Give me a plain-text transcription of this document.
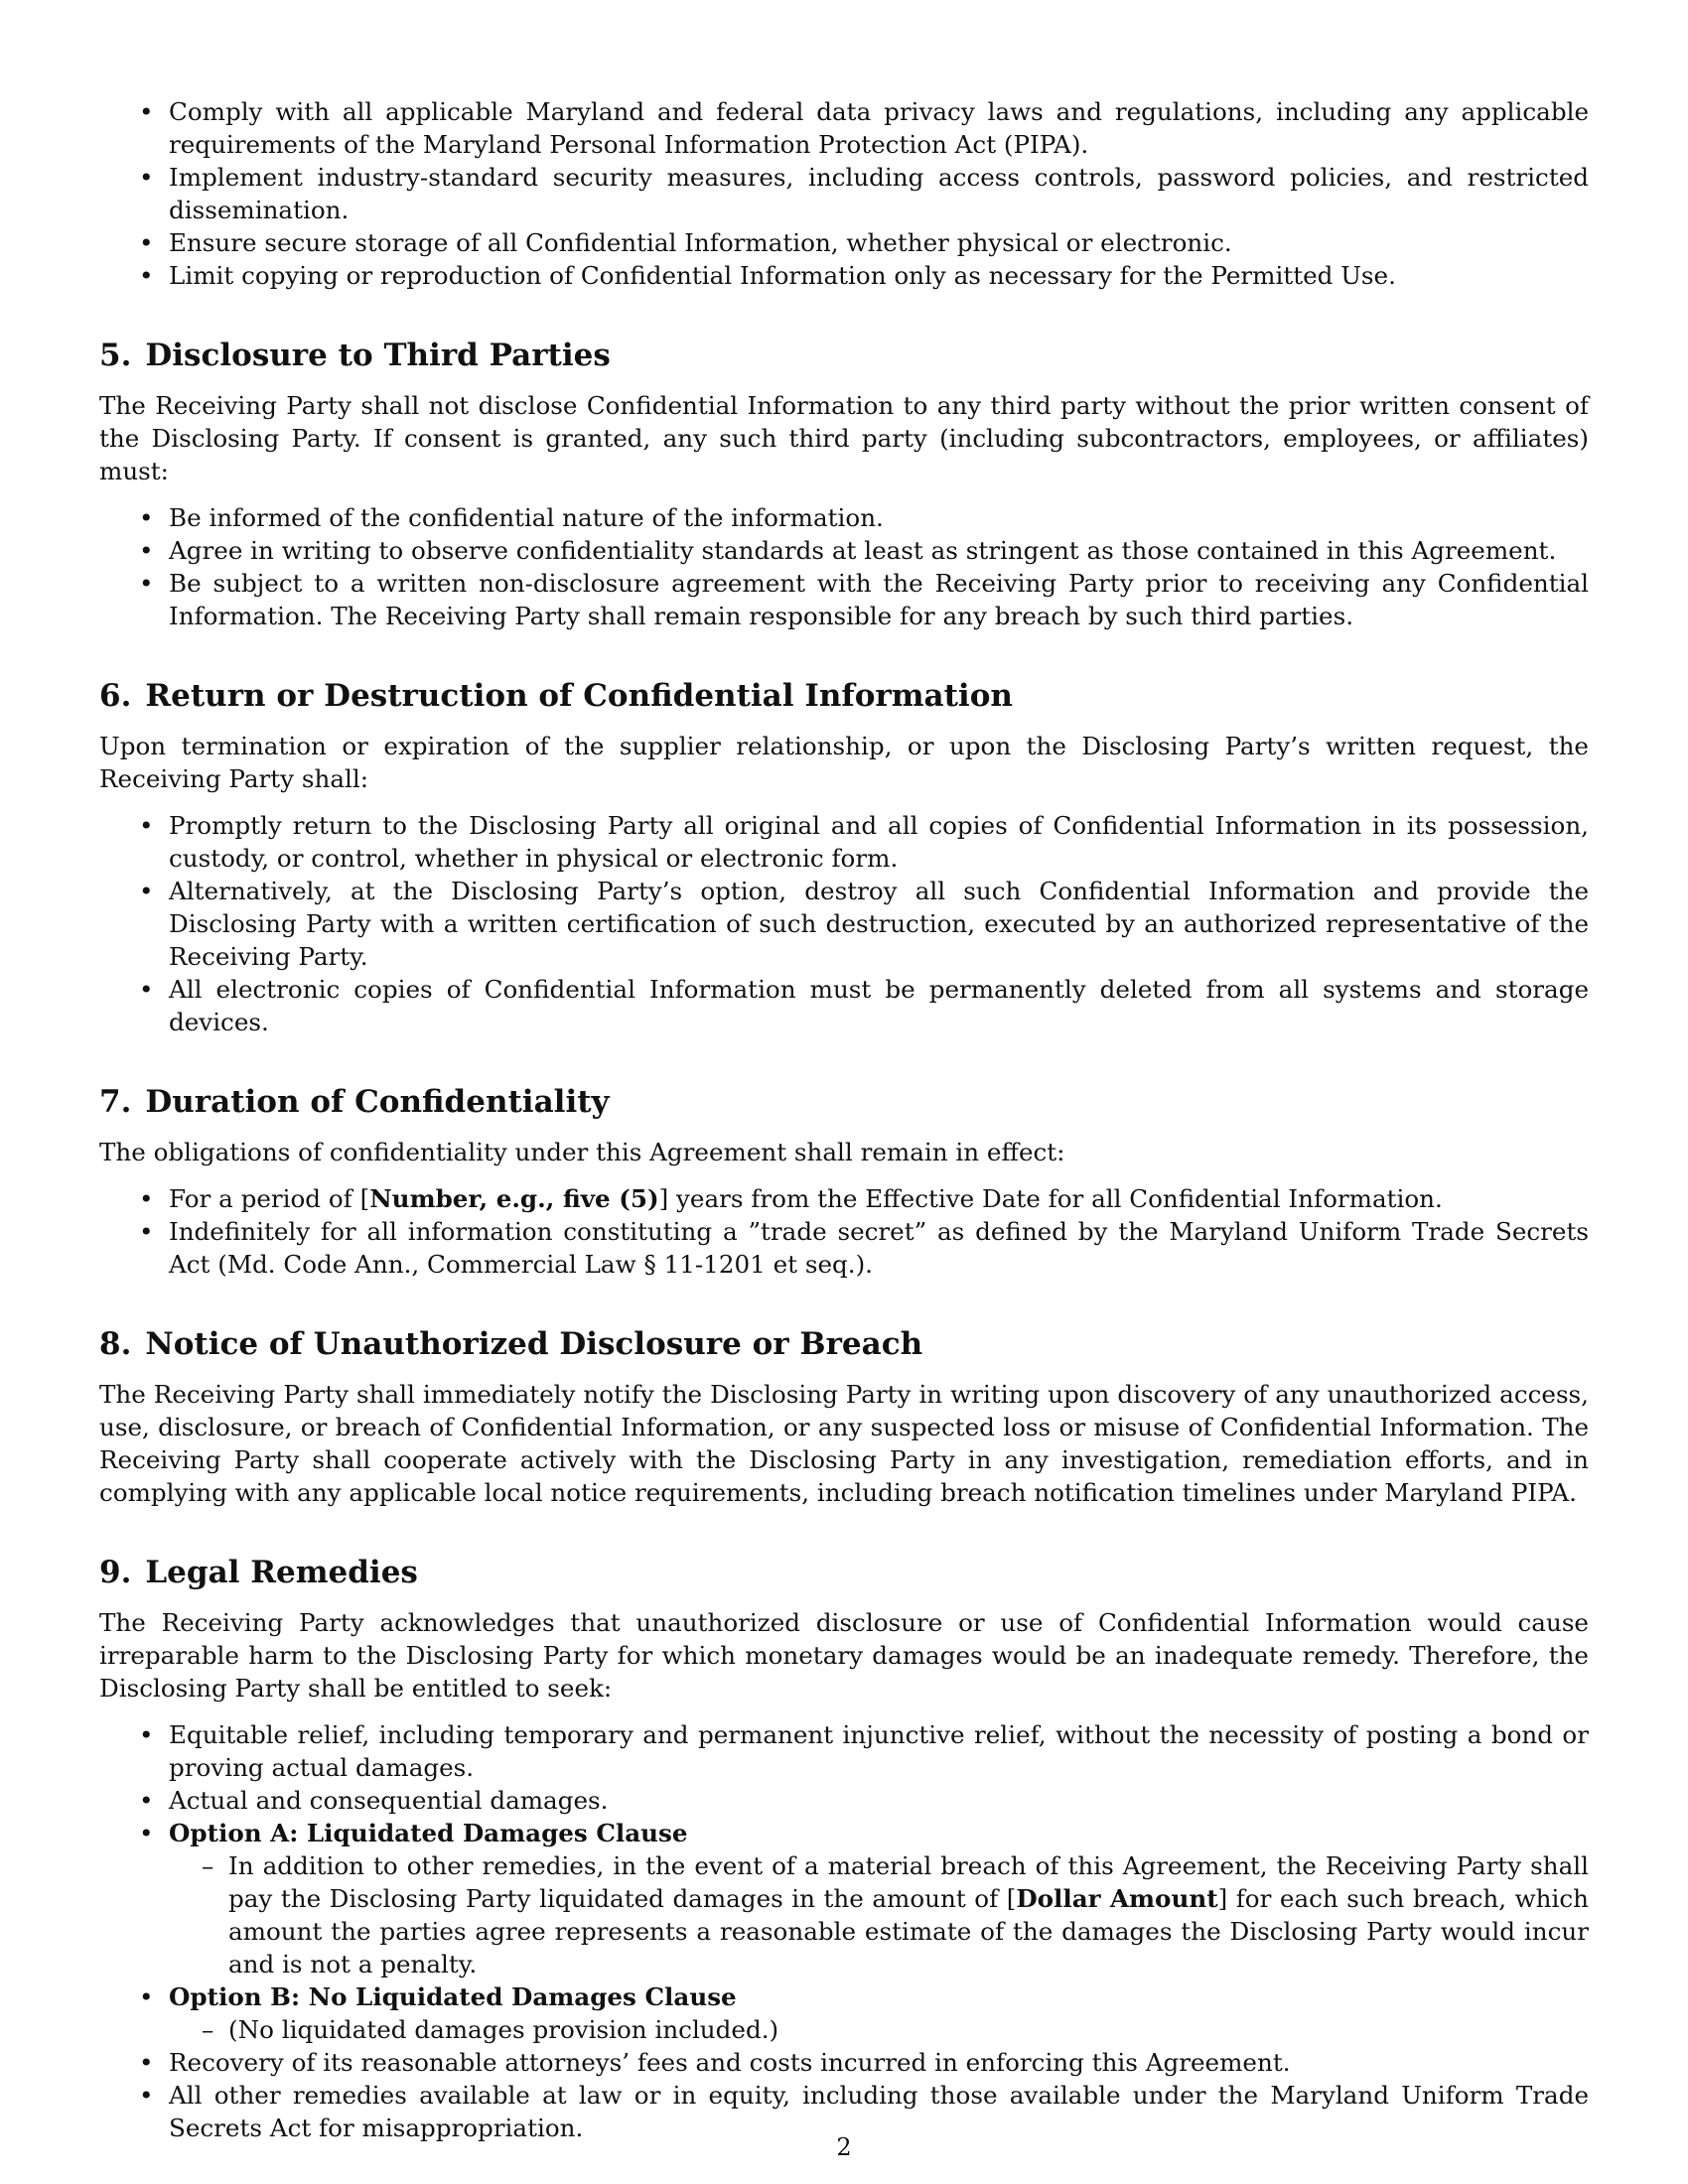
• Comply with all applicable Maryland and federal data privacy laws and regulations, including any applicable requirements of the Maryland Personal Information Protection Act (PIPA).
• Implement industry-standard security measures, including access controls, password policies, and restricted dissemination.
• Ensure secure storage of all Confidential Information, whether physical or electronic.
• Limit copying or reproduction of Confidential Information only as necessary for the Permitted Use.
5. Disclosure to Third Parties

The Receiving Party shall not disclose Confidential Information to any third party without the prior written consent of the Disclosing Party. If consent is granted, any such third party (including subcontractors, employees, or affiliates) must:

• Be informed of the confidential nature of the information.
• Agree in writing to observe confidentiality standards at least as stringent as those contained in this Agreement.
• Be subject to a written non-disclosure agreement with the Receiving Party prior to receiving any Confidential Information. The Receiving Party shall remain responsible for any breach by such third parties.
6. Return or Destruction of Confidential Information

Upon termination or expiration of the supplier relationship, or upon the Disclosing Party’s written request, the Receiving Party shall:

• Promptly return to the Disclosing Party all original and all copies of Confidential Information in its possession, custody, or control, whether in physical or electronic form.
• Alternatively, at the Disclosing Party’s option, destroy all such Confidential Information and provide the Disclosing Party with a written certification of such destruction, executed by an authorized representative of the Receiving Party.
• All electronic copies of Confidential Information must be permanently deleted from all systems and storage devices.
7. Duration of Confidentiality

The obligations of confidentiality under this Agreement shall remain in effect:

• For a period of [Number, e.g., five (5)] years from the Effective Date for all Confidential Information.
• Indefinitely for all information constituting a ”trade secret” as defined by the Maryland Uniform Trade Secrets Act (Md. Code Ann., Commercial Law § 11-1201 et seq.).
8. Notice of Unauthorized Disclosure or Breach

The Receiving Party shall immediately notify the Disclosing Party in writing upon discovery of any unauthorized access, use, disclosure, or breach of Confidential Information, or any suspected loss or misuse of Confidential Information. The Receiving Party shall cooperate actively with the Disclosing Party in any investigation, remediation efforts, and in complying with any applicable local notice requirements, including breach notification timelines under Maryland PIPA.

9. Legal Remedies

The Receiving Party acknowledges that unauthorized disclosure or use of Confidential Information would cause irreparable harm to the Disclosing Party for which monetary damages would be an inadequate remedy. Therefore, the Disclosing Party shall be entitled to seek:

• Equitable relief, including temporary and permanent injunctive relief, without the necessity of posting a bond or proving actual damages.
• Actual and consequential damages.
• Option A: Liquidated Damages Clause
– In addition to other remedies, in the event of a material breach of this Agreement, the Receiving Party shall pay the Disclosing Party liquidated damages in the amount of [Dollar Amount] for each such breach, which amount the parties agree represents a reasonable estimate of the damages the Disclosing Party would incur and is not a penalty.
• Option B: No Liquidated Damages Clause
– (No liquidated damages provision included.)
• Recovery of its reasonable attorneys’ fees and costs incurred in enforcing this Agreement.
• All other remedies available at law or in equity, including those available under the Maryland Uniform Trade Secrets Act for misappropriation.
2
